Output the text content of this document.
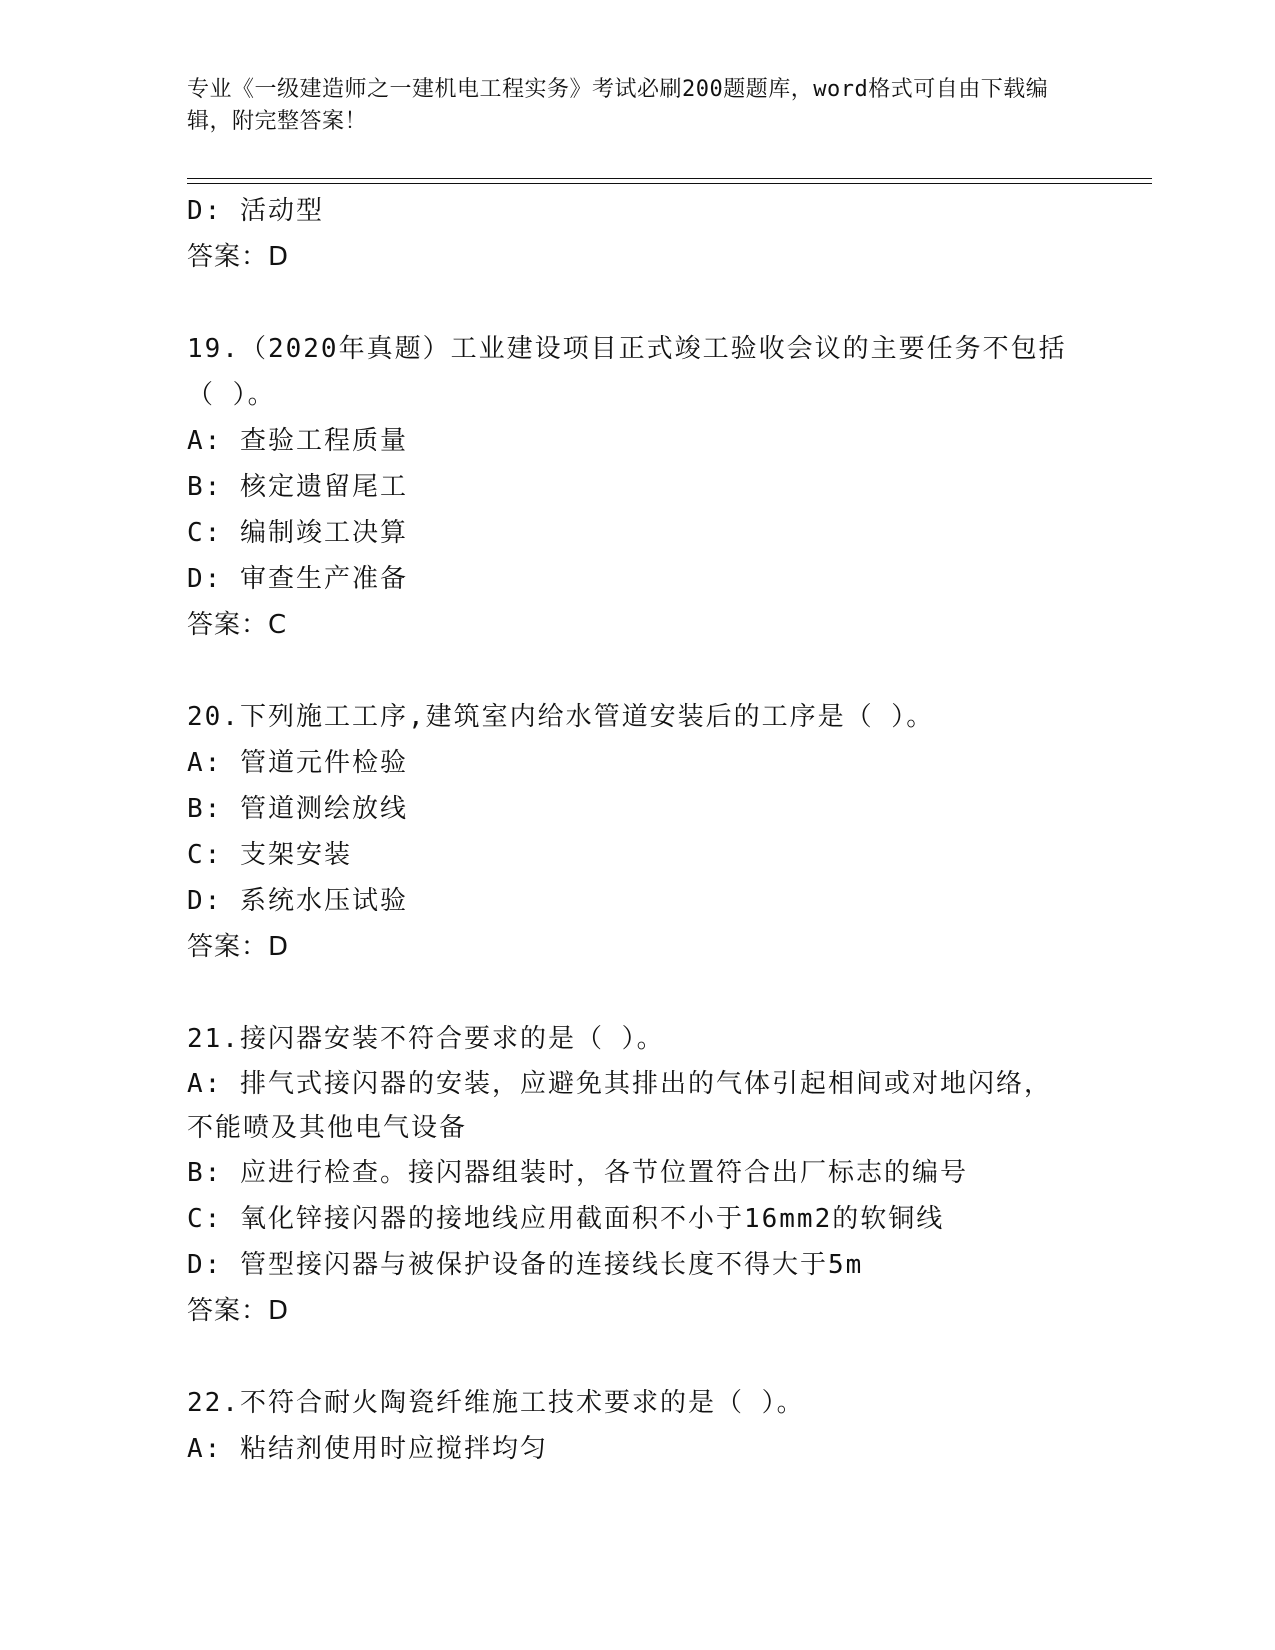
专业《一级建造师之一建机电工程实务》考试必刷200题题库，word格式可自由下载编辑，附完整答案！
D: 活动型
答案：D
19.（2020年真题）工业建设项目正式竣工验收会议的主要任务不包括
（ ）。
A: 查验工程质量
B: 核定遗留尾工
C: 编制竣工决算
D: 审查生产准备
答案：C
20.下列施工工序,建筑室内给水管道安装后的工序是（ ）。
A: 管道元件检验
B: 管道测绘放线
C: 支架安装
D: 系统水压试验
答案：D
21.接闪器安装不符合要求的是（ ）。
A: 排气式接闪器的安装，应避免其排出的气体引起相间或对地闪络，
不能喷及其他电气设备
B: 应进行检查。接闪器组装时，各节位置符合出厂标志的编号
C: 氧化锌接闪器的接地线应用截面积不小于16mm2的软铜线
D: 管型接闪器与被保护设备的连接线长度不得大于5m
答案：D
22.不符合耐火陶瓷纤维施工技术要求的是（ ）。
A: 粘结剂使用时应搅拌均匀
